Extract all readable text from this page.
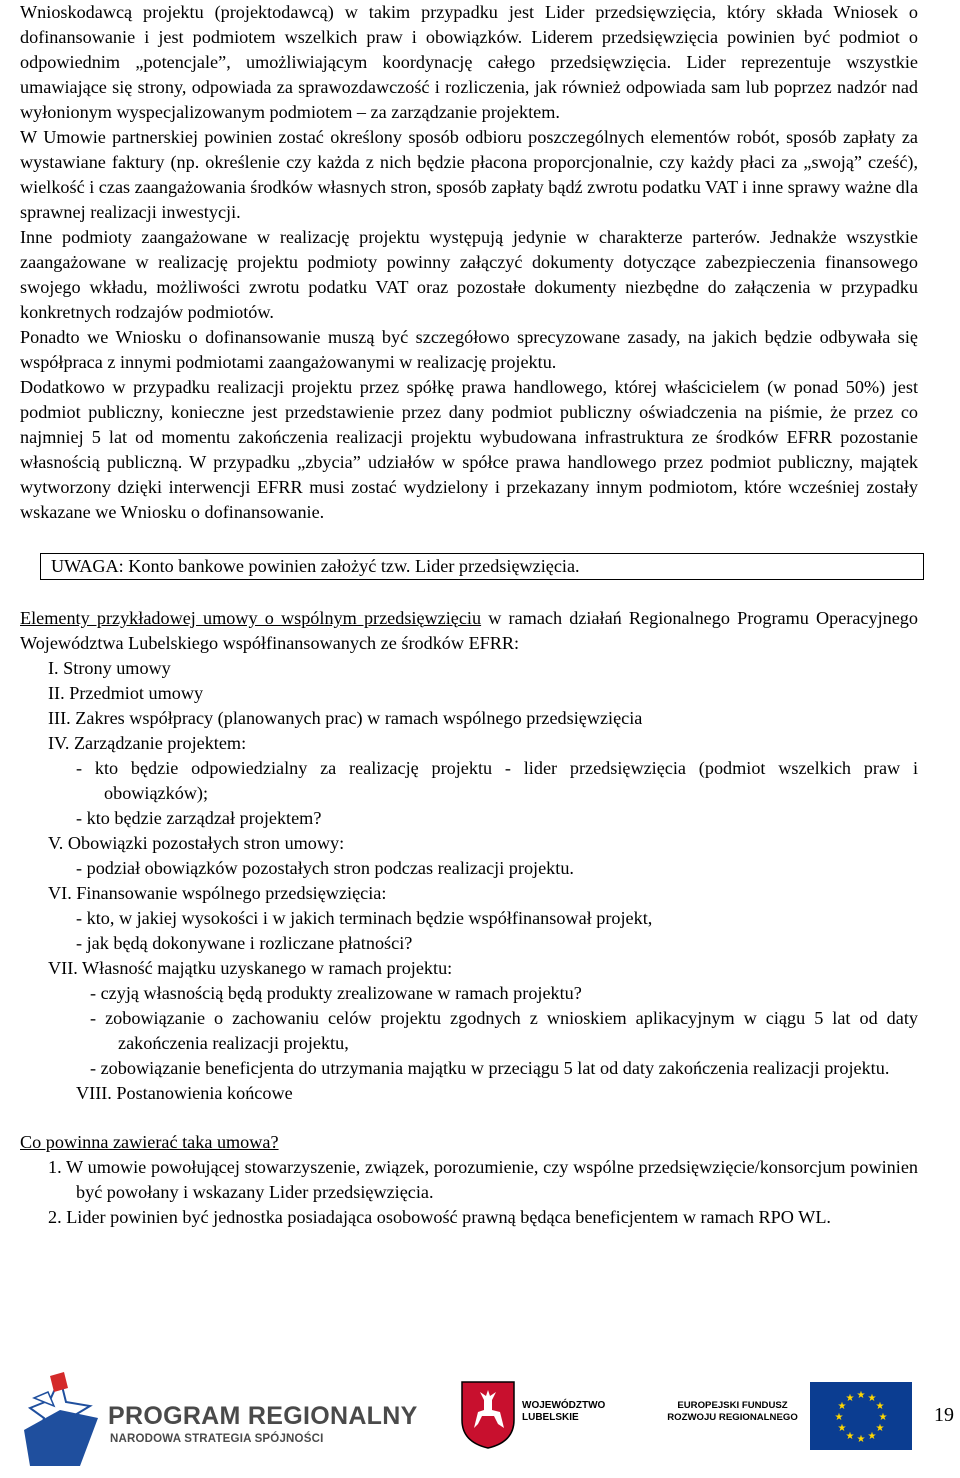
Wnioskodawcą projektu (projektodawcą) w takim przypadku jest Lider przedsięwzięcia, który składa Wniosek o dofinansowanie i jest podmiotem wszelkich praw i obowiązków. Liderem przedsięwzięcia powinien być podmiot o odpowiednim „potencjale”, umożliwiającym koordynację całego przedsięwzięcia. Lider reprezentuje wszystkie umawiające się strony, odpowiada za sprawozdawczość i rozliczenia, jak również odpowiada sam lub poprzez nadzór nad wyłonionym wyspecjalizowanym podmiotem – za zarządzanie projektem.

W Umowie partnerskiej powinien zostać określony sposób odbioru poszczególnych elementów robót, sposób zapłaty za wystawiane faktury (np. określenie czy każda z nich będzie płacona proporcjonalnie, czy każdy płaci za „swoją” cześć), wielkość i czas zaangażowania środków własnych stron, sposób zapłaty bądź zwrotu podatku VAT i inne sprawy ważne dla sprawnej realizacji inwestycji.

Inne podmioty zaangażowane w realizację projektu występują jedynie w charakterze parterów. Jednakże wszystkie zaangażowane w realizację projektu podmioty powinny załączyć dokumenty dotyczące zabezpieczenia finansowego swojego wkładu, możliwości zwrotu podatku VAT oraz pozostałe dokumenty niezbędne do załączenia w przypadku konkretnych rodzajów podmiotów.

Ponadto we Wniosku o dofinansowanie muszą być szczegółowo sprecyzowane zasady, na jakich będzie odbywała się współpraca z innymi podmiotami zaangażowanymi w realizację projektu.

Dodatkowo w przypadku realizacji projektu przez spółkę prawa handlowego, której właścicielem (w ponad 50%) jest podmiot publiczny, konieczne jest przedstawienie przez dany podmiot publiczny oświadczenia na piśmie, że przez co najmniej 5 lat od momentu zakończenia realizacji projektu wybudowana infrastruktura ze środków EFRR pozostanie własnością publiczną. W przypadku „zbycia” udziałów w spółce prawa handlowego przez podmiot publiczny, majątek wytworzony dzięki interwencji EFRR musi zostać wydzielony i przekazany innym podmiotom, które wcześniej zostały wskazane we Wniosku o dofinansowanie.

UWAGA: Konto bankowe powinien założyć tzw. Lider przedsięwzięcia.

Elementy przykładowej umowy o wspólnym przedsięwzięciu w ramach działań Regionalnego Programu Operacyjnego Województwa Lubelskiego współfinansowanych ze środków EFRR:

I. Strony umowy

II. Przedmiot umowy

III. Zakres współpracy (planowanych prac) w ramach wspólnego przedsięwzięcia

IV. Zarządzanie projektem:

- kto będzie odpowiedzialny za realizację projektu - lider przedsięwzięcia (podmiot wszelkich praw i obowiązków);

- kto będzie zarządzał projektem?

V. Obowiązki pozostałych stron umowy:

- podział obowiązków pozostałych stron podczas realizacji projektu.

VI. Finansowanie wspólnego przedsięwzięcia:

- kto, w jakiej wysokości i w jakich terminach będzie współfinansował projekt,

- jak będą dokonywane i rozliczane płatności?

VII. Własność majątku uzyskanego w ramach projektu:

- czyją własnością będą produkty zrealizowane w ramach projektu?

- zobowiązanie o zachowaniu celów projektu zgodnych z wnioskiem aplikacyjnym w ciągu 5 lat od daty zakończenia realizacji projektu,

- zobowiązanie beneficjenta do utrzymania majątku w przeciągu 5 lat od daty zakończenia realizacji projektu.

VIII. Postanowienia końcowe

Co powinna zawierać taka umowa?

1. W umowie powołującej stowarzyszenie, związek, porozumienie, czy wspólne przedsięwzięcie/konsorcjum powinien być powołany i wskazany Lider przedsięwzięcia.

2. Lider powinien być jednostka posiadająca osobowość prawną będąca beneficjentem w ramach RPO WL.

PROGRAM REGIONALNY
NARODOWA STRATEGIA SPÓJNOŚCI
WOJEWÓDZTWO
LUBELSKIE
EUROPEJSKI FUNDUSZ
ROZWOJU REGIONALNEGO
★ ★
★
★
★
★
★
★
★
★
★
★
19
